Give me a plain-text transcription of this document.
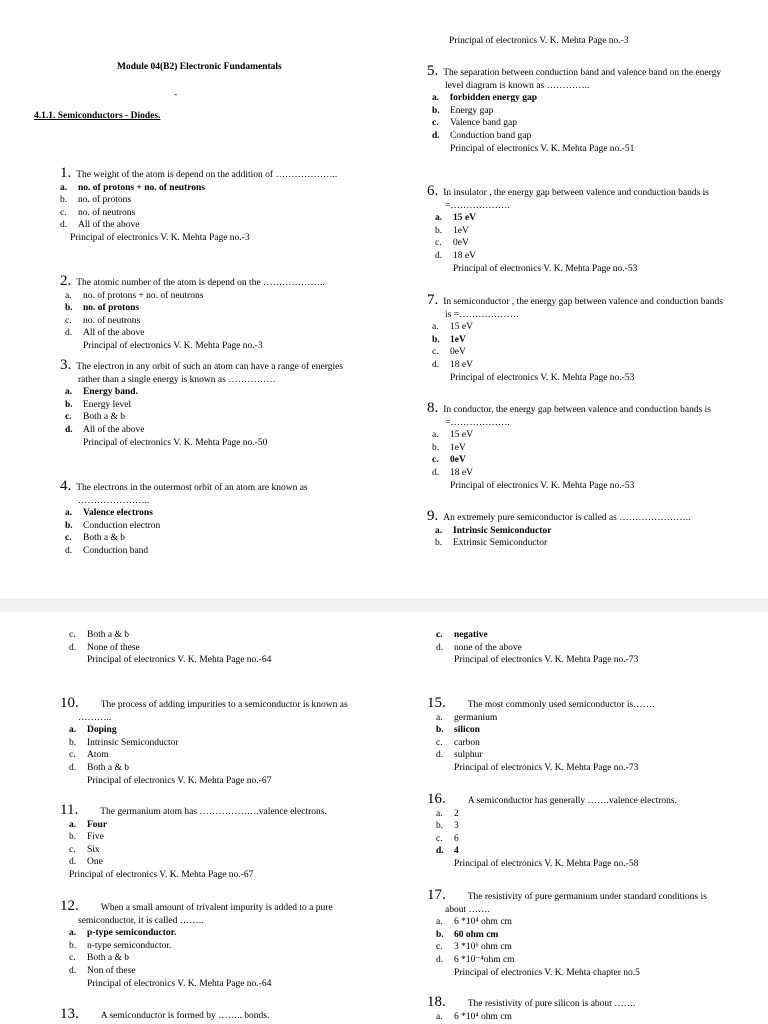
Module 04(B2) Electronic Fundamentals
-
4.1.1. Semiconductors - Diodes.
Principal of electronics V. K. Mehta Page no.-3
1. The weight of the atom is depend on the addition of ………………..
a.	no. of protons + no. of neutrons
b.	no. of protons
c.	no. of neutrons
d.	All of the above
Principal of electronics V. K. Mehta Page no.-3
2. The atomic number of the atom is depend on the ………………..
a.	no. of protons + no. of neutrons
b.	no. of protons
c.	no. of neutrons
d.	All of the above
Principal of electronics V. K. Mehta Page no.-3
3. The electron in any orbit of such an atom can have a range of energies
rather than a single energy is known as ……………
a.	Energy band.
b.	Energy level
c.	Both a & b
d.	All of the above
Principal of electronics V. K. Mehta Page no.-50
4. The electrons in the outermost orbit of an atom are known as
…………………..
a.	Valence electrons
b.	Conduction electron
c.	Both a & b
d.	Conduction band
5. The separation between conduction band and valence band on the energy
level diagram is known as …………..
a.	forbidden energy gap
b.	Energy gap
c.	Valence band gap
d.	Conduction band gap
Principal of electronics V. K. Mehta Page no.-51
6. In insulator , the energy gap between valence and conduction bands is
=……………….
a.	15 eV
b.	1eV
c.	0eV
d.	18 eV
Principal of electronics V. K. Mehta Page no.-53
7. In semiconductor , the energy gap between valence and conduction bands
is =……………….
a.	15 eV
b.	1eV
c.	0eV
d.	18 eV
Principal of electronics V. K. Mehta Page no.-53
8. In conductor, the energy gap between valence and conduction bands is
=……………….
a.	15 eV
b.	1eV
c.	0eV
d.	18 eV
Principal of electronics V. K. Mehta Page no.-53
9. An extremely pure semiconductor is called as …………………..
a.	Intrinsic Semiconductor
b.	Extrinsic Semiconductor
c.	Both a & b
d.	None of these
Principal of electronics V. K. Mehta Page no.-64
c.	negative
d.	none of the above
Principal of electronics V. K. Mehta Page no.-73
10. The process of adding impurities to a semiconductor is known as
………..
a.	Doping
b.	Intrinsic Semiconductor
c.	Atom
d.	Both a & b
Principal of electronics V. K. Mehta Page no.-67
11. The germanium atom has ……………….valence electrons.
a.	Four
b.	Five
c.	Six
d.	One
Principal of electronics V. K. Mehta Page no.-67
12. When a small amount of trivalent impurity is added to a pure
semiconductor, it is called ……..
a.	p-type semiconductor.
b.	n-type semiconductor.
c.	Both a & b
d.	Non of these
Principal of electronics V. K. Mehta Page no.-64
13. A semiconductor is formed by …….. bonds.
15. The most commonly used semiconductor is…….
a.	germanium
b.	silicon
c.	carbon
d.	sulphur
Principal of electronics V. K. Mehta Page no.-73
16. A semiconductor has generally …….valence electrons.
a.	2
b.	3
c.	6
d.	4
Principal of electronics V. K. Mehta Page no.-58
17. The resistivity of pure germanium under standard conditions is
about …….
a.	6 *10⁴ ohm cm
b.	60 ohm cm
c.	3 *10⁶ ohm cm
d.	6 *10⁻⁴ohm cm
Principal of electronics V. K. Mehta chapter no.5
18. The resistivity of pure silicon is about …….
a.	6 *10⁴ ohm cm
